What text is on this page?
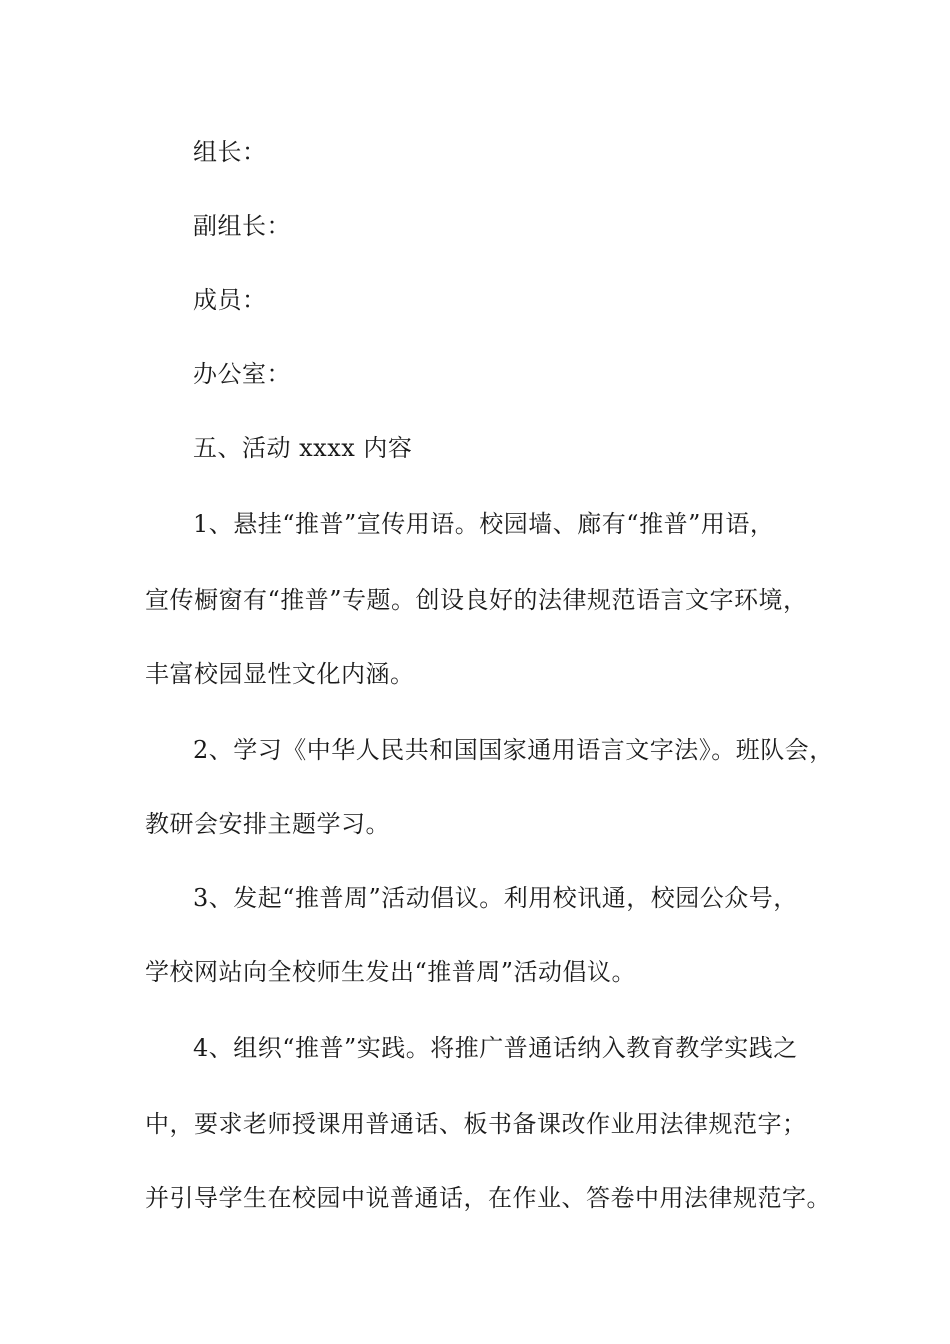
组长：
副组长：
成员：
办公室：
五、活动 xxxx 内容
1、悬挂“推普”宣传用语。校园墙、廊有“推普”用语，
宣传橱窗有“推普”专题。创设良好的法律规范语言文字环境，
丰富校园显性文化内涵。
2、学习《中华人民共和国国家通用语言文字法》。班队会，
教研会安排主题学习。
3、发起“推普周”活动倡议。利用校讯通，校园公众号，
学校网站向全校师生发出“推普周”活动倡议。
4、组织“推普”实践。将推广普通话纳入教育教学实践之
中，要求老师授课用普通话、板书备课改作业用法律规范字；
并引导学生在校园中说普通话，在作业、答卷中用法律规范字。
